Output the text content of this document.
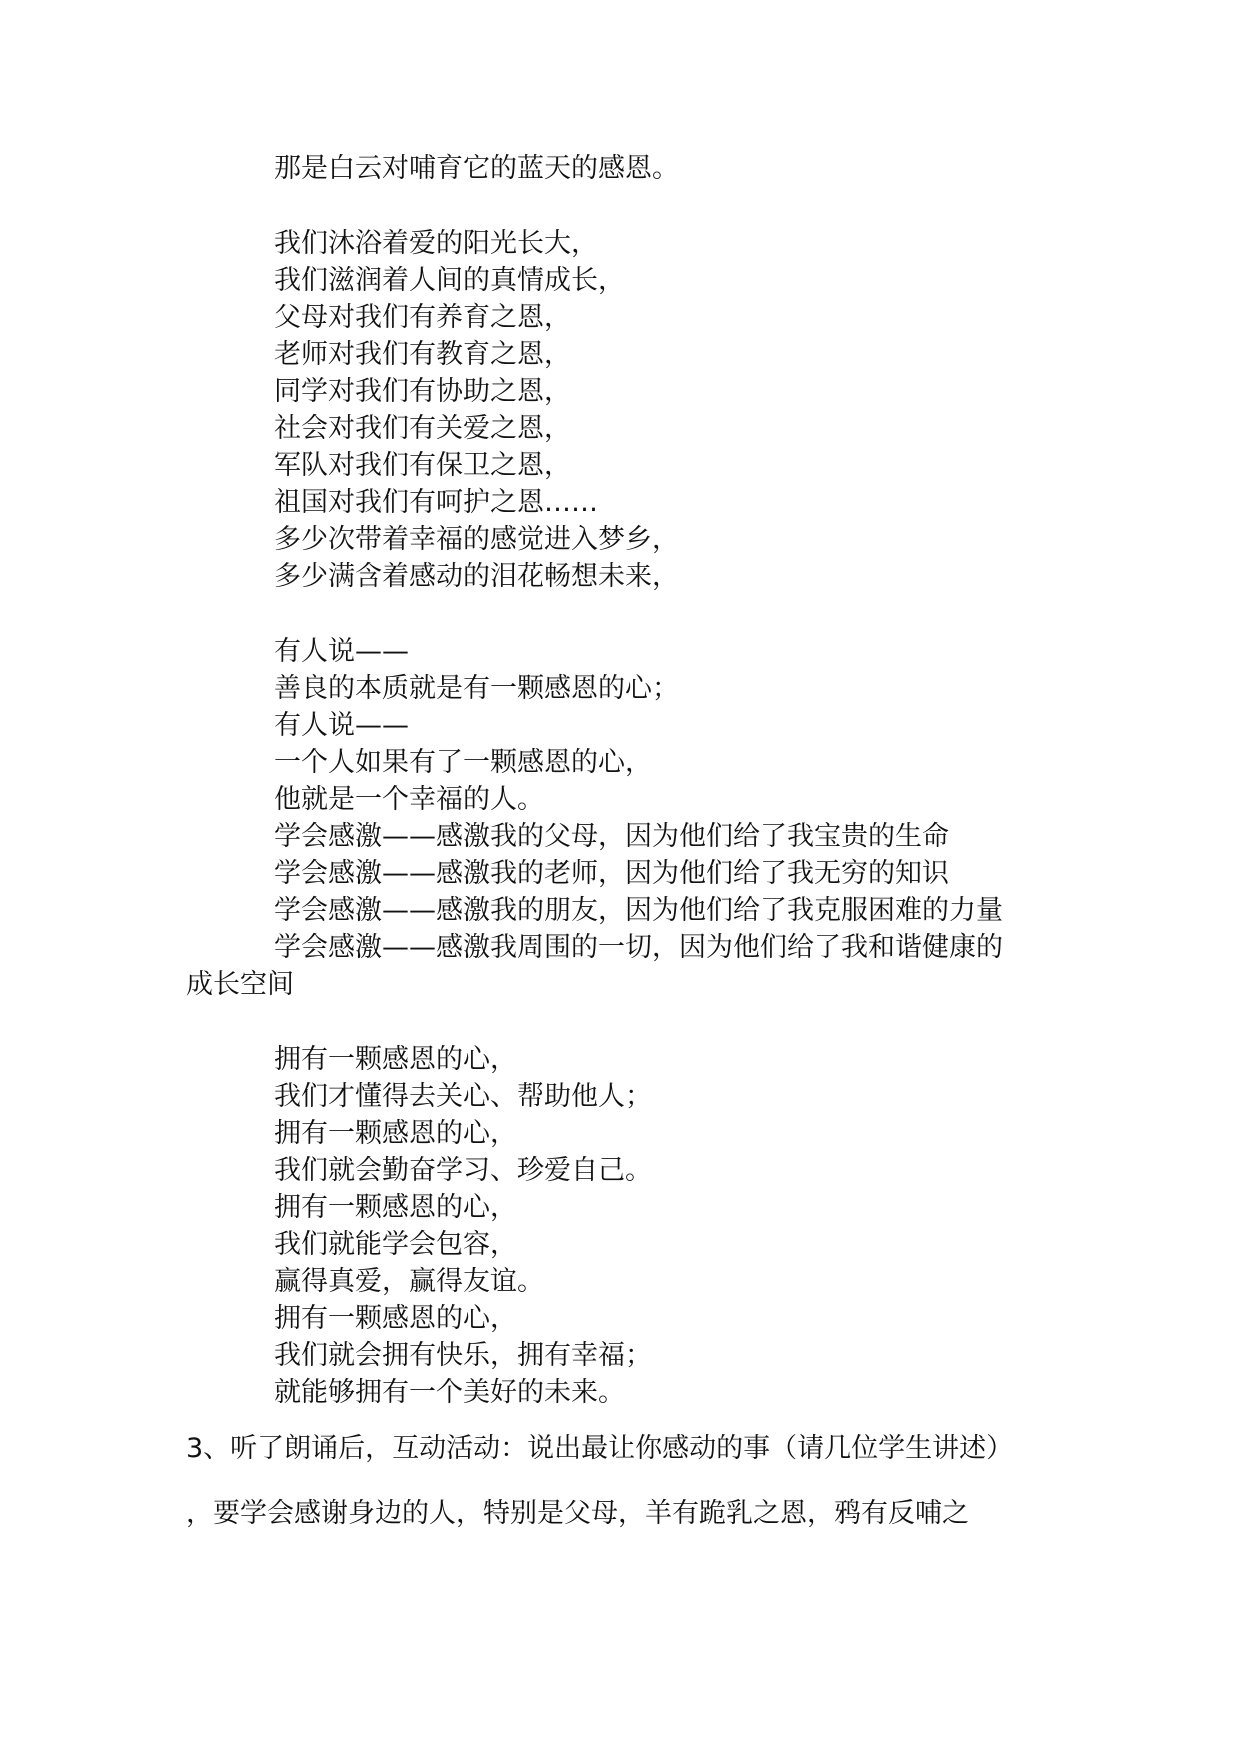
那是白云对哺育它的蓝天的感恩。
我们沐浴着爱的阳光长大，
我们滋润着人间的真情成长，
父母对我们有养育之恩，
老师对我们有教育之恩，
同学对我们有协助之恩，
社会对我们有关爱之恩，
军队对我们有保卫之恩，
祖国对我们有呵护之恩……
多少次带着幸福的感觉进入梦乡，
多少满含着感动的泪花畅想未来，
有人说——
善良的本质就是有一颗感恩的心；
有人说——
一个人如果有了一颗感恩的心，
他就是一个幸福的人。
学会感激——感激我的父母，因为他们给了我宝贵的生命
学会感激——感激我的老师，因为他们给了我无穷的知识
学会感激——感激我的朋友，因为他们给了我克服困难的力量
学会感激——感激我周围的一切，因为他们给了我和谐健康的
成长空间
拥有一颗感恩的心，
我们才懂得去关心、帮助他人；
拥有一颗感恩的心，
我们就会勤奋学习、珍爱自己。
拥有一颗感恩的心，
我们就能学会包容，
赢得真爱，赢得友谊。
拥有一颗感恩的心，
我们就会拥有快乐，拥有幸福；
就能够拥有一个美好的未来。
3、听了朗诵后，互动活动：说出最让你感动的事（请几位学生讲述）
，要学会感谢身边的人，特别是父母，羊有跪乳之恩，鸦有反哺之
